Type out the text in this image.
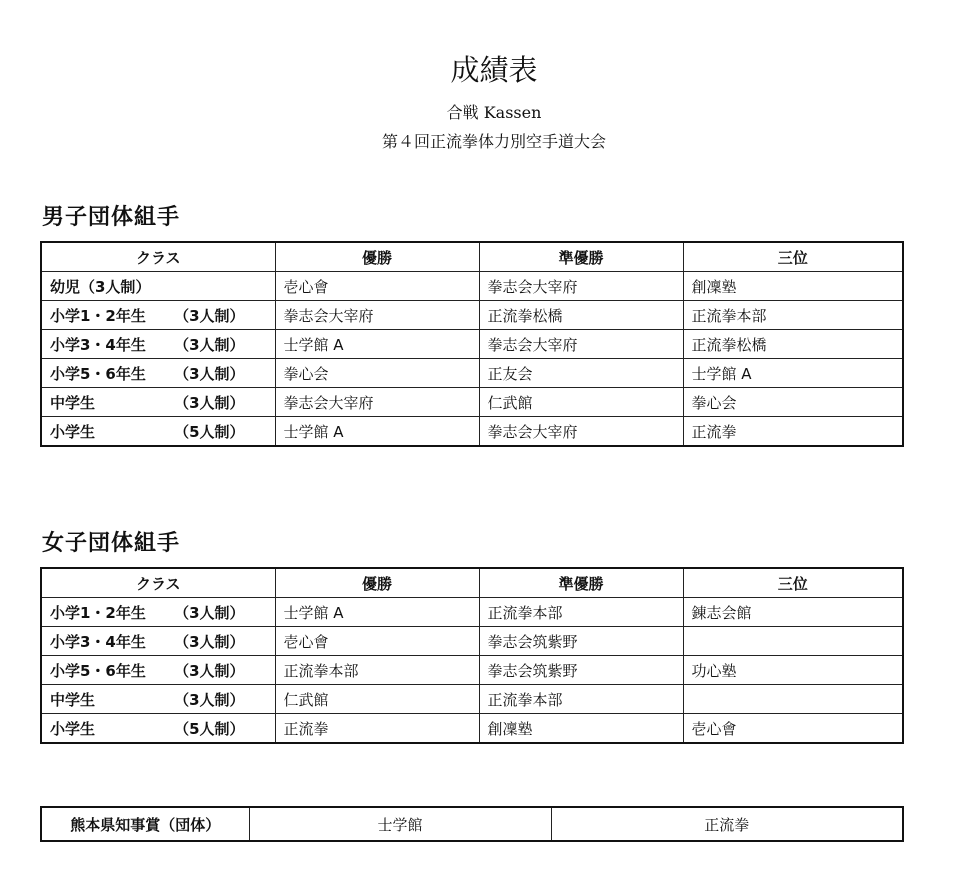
成績表
合戦 Kassen
第４回正流拳体力別空手道大会
男子団体組手
クラス	優勝	準優勝	三位

幼児（3人制）	壱心會	拳志会大宰府	創凜塾

小学1・2年生 （3人制）	拳志会大宰府	正流拳松橋	正流拳本部

小学3・4年生 （3人制）	士学館 A	拳志会大宰府	正流拳松橋

小学5・6年生 （3人制）	拳心会	正友会	士学館 A

中学生 （3人制）	拳志会大宰府	仁武館	拳心会

小学生 （5人制）	士学館 A	拳志会大宰府	正流拳
女子団体組手
クラス	優勝	準優勝	三位

小学1・2年生 （3人制）	士学館 A	正流拳本部	錬志会館

小学3・4年生 （3人制）	壱心會	拳志会筑紫野	

小学5・6年生 （3人制）	正流拳本部	拳志会筑紫野	功心塾

中学生 （3人制）	仁武館	正流拳本部	

小学生 （5人制）	正流拳	創凜塾	壱心會
熊本県知事賞（団体）	士学館	正流拳
